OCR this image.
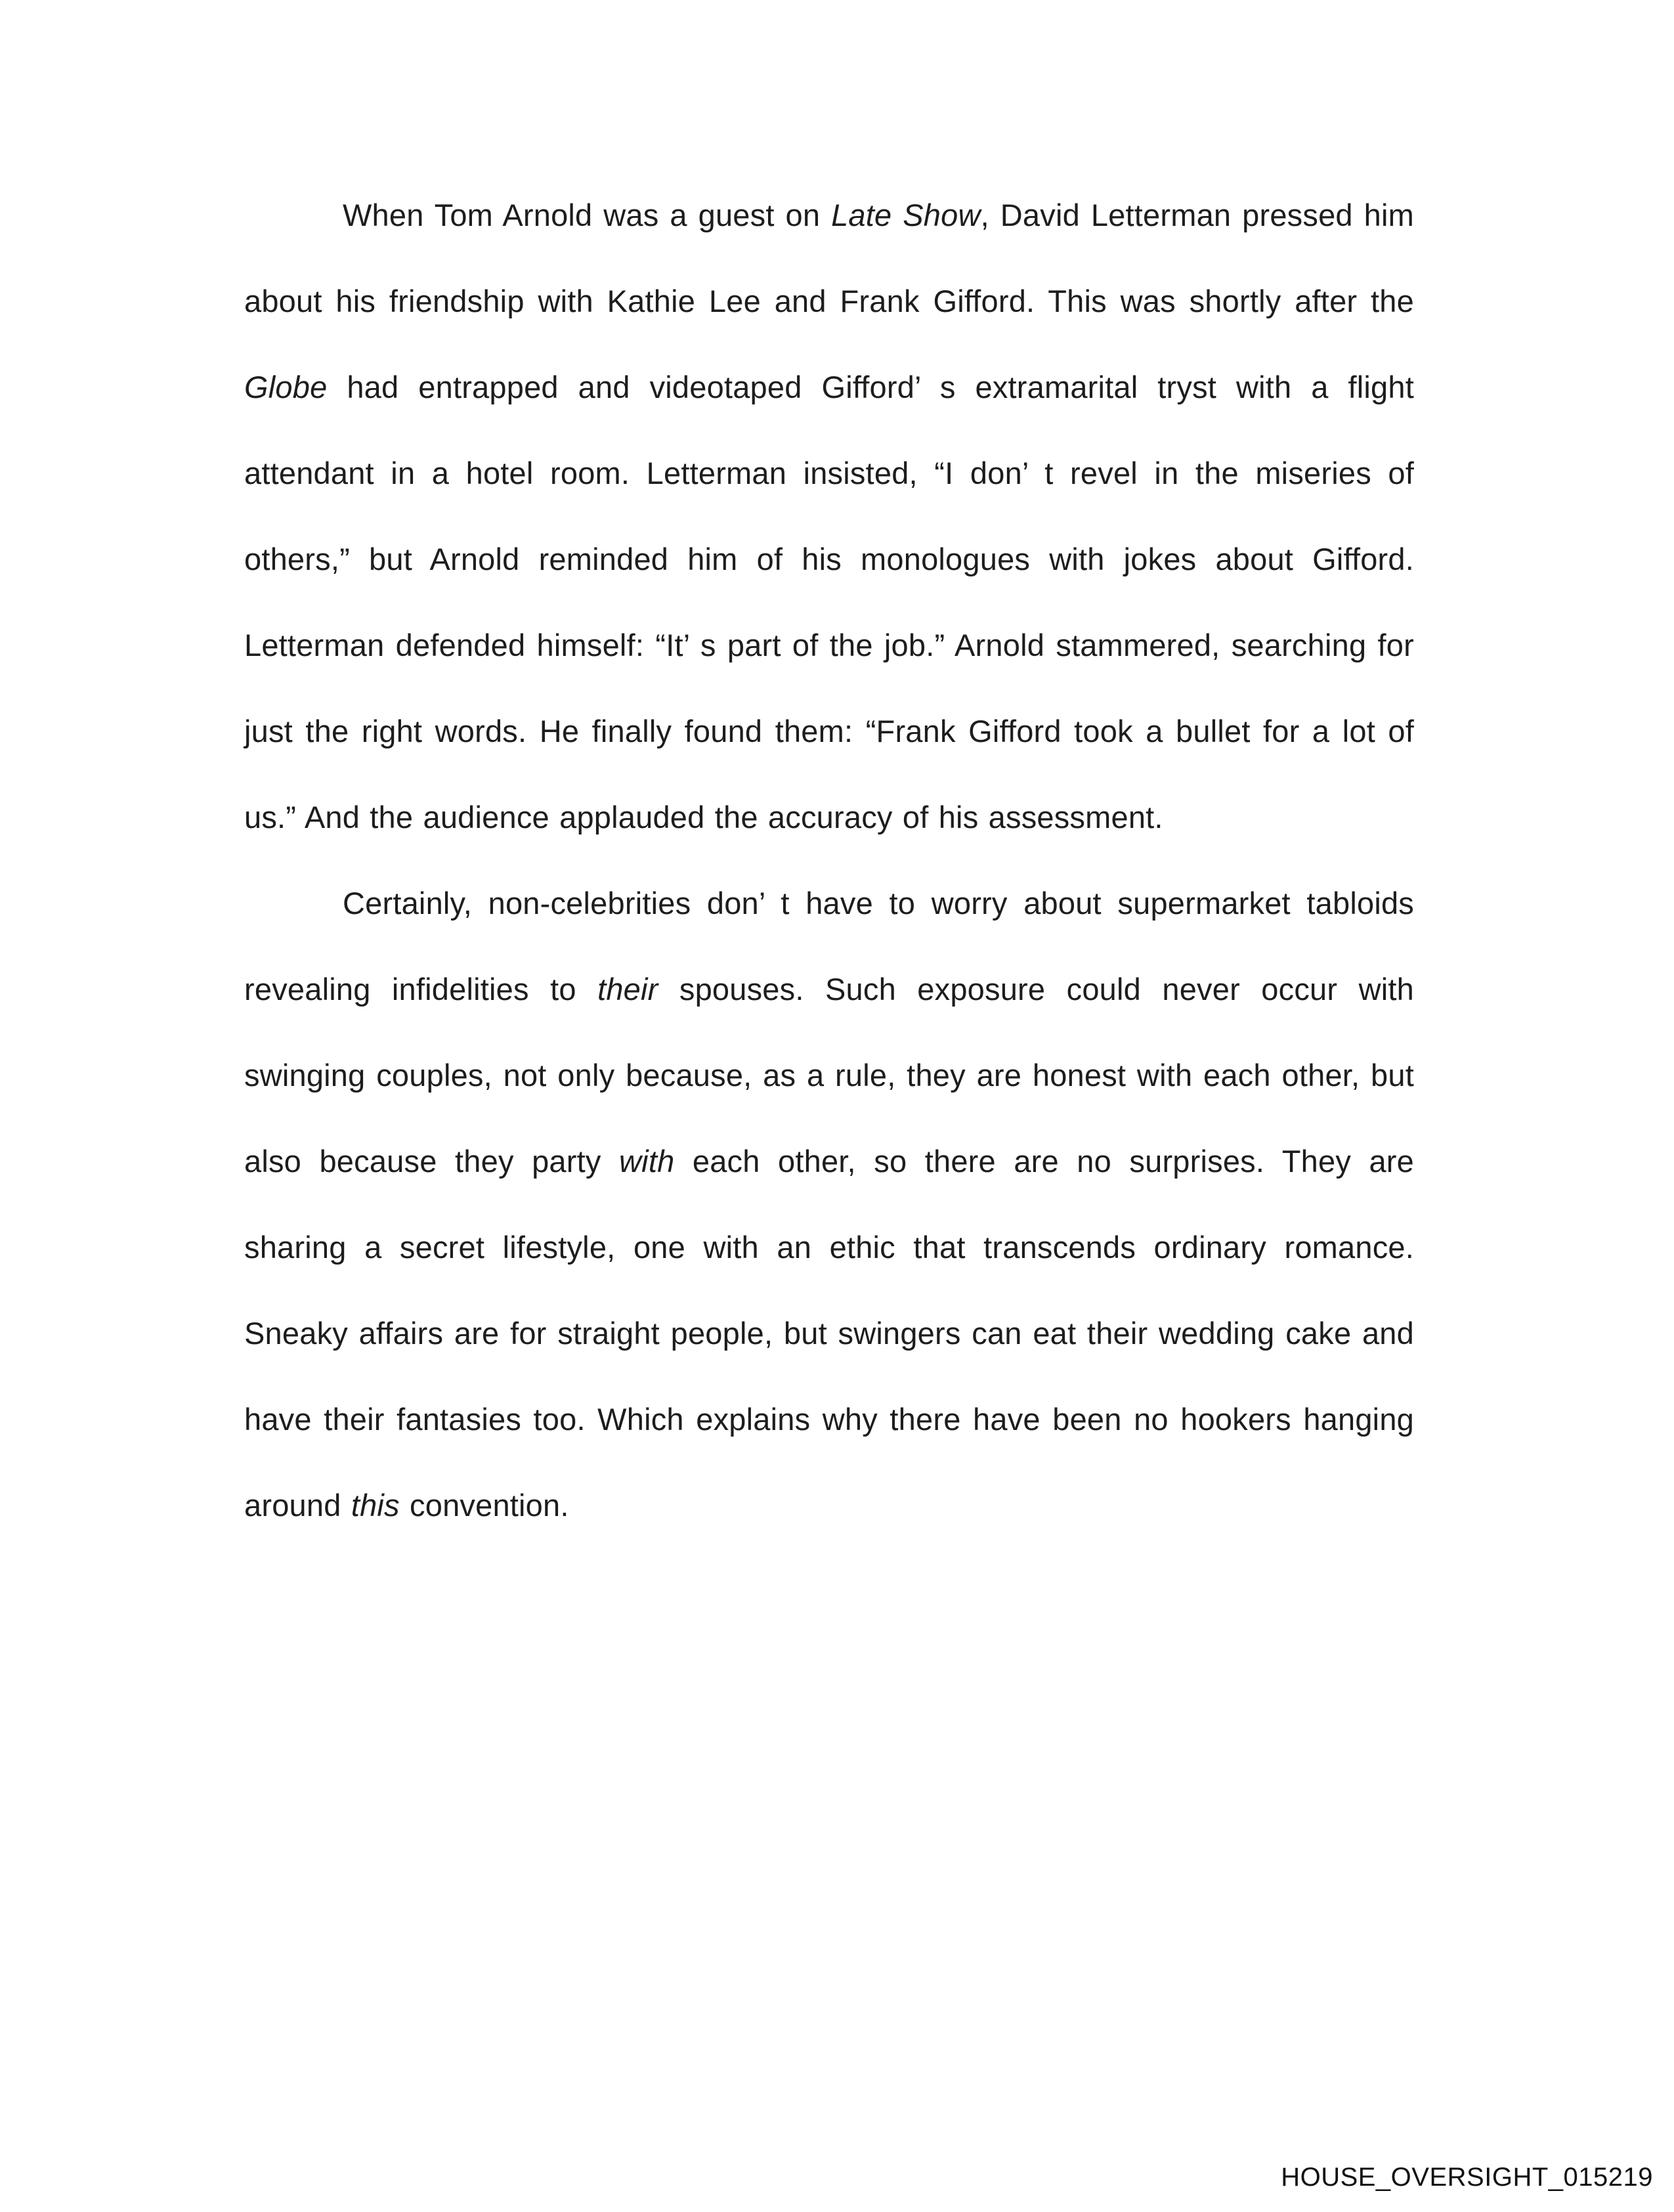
When Tom Arnold was a guest on Late Show, David Letterman pressed him about his friendship with Kathie Lee and Frank Gifford. This was shortly after the Globe had entrapped and videotaped Gifford’ s extramarital tryst with a flight attendant in a hotel room. Letterman insisted, “I don’ t revel in the miseries of others,” but Arnold reminded him of his monologues with jokes about Gifford. Letterman defended himself: “It’ s part of the job.” Arnold stammered, searching for just the right words. He finally found them: “Frank Gifford took a bullet for a lot of us.” And the audience applauded the accuracy of his assessment.

Certainly, non-celebrities don’ t have to worry about supermarket tabloids revealing infidelities to their spouses. Such exposure could never occur with swinging couples, not only because, as a rule, they are honest with each other, but also because they party with each other, so there are no surprises. They are sharing a secret lifestyle, one with an ethic that transcends ordinary romance. Sneaky affairs are for straight people, but swingers can eat their wedding cake and have their fantasies too. Which explains why there have been no hookers hanging around this convention.

HOUSE_OVERSIGHT_015219
